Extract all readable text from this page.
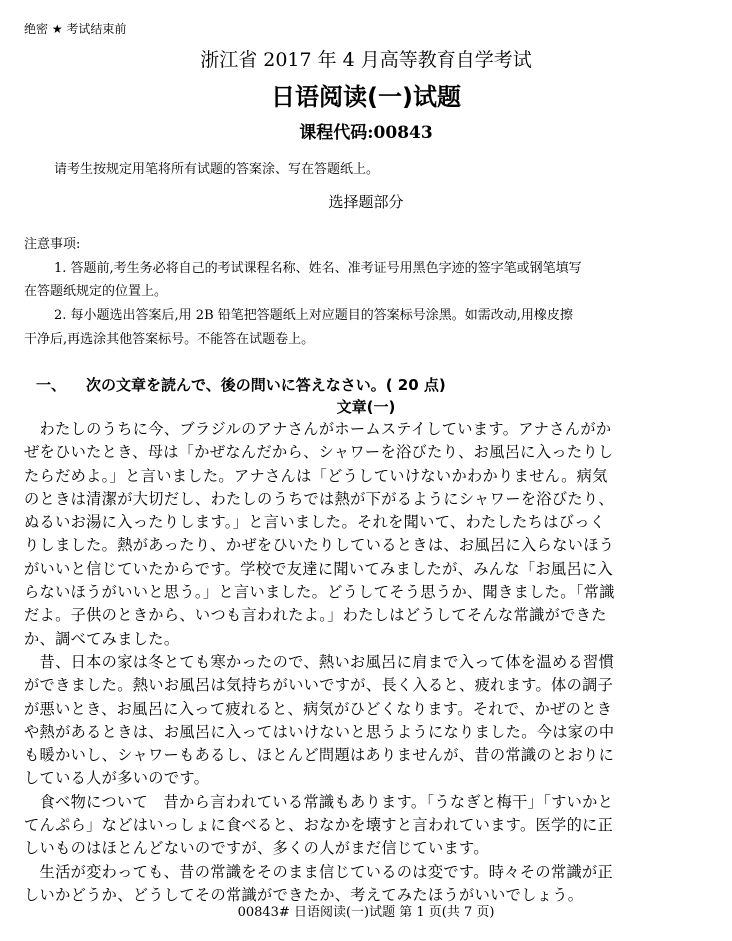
绝密 ★ 考试结束前
浙江省 2017 年 4 月高等教育自学考试
日语阅读(一)试题
课程代码:00843
请考生按规定用笔将所有试题的答案涂、写在答题纸上。
选择题部分
注意事项:
1. 答题前,考生务必将自己的考试课程名称、姓名、准考证号用黑色字迹的签字笔或钢笔填写
在答题纸规定的位置上。
2. 每小题选出答案后,用 2B 铅笔把答题纸上对应题目的答案标号涂黑。如需改动,用橡皮擦
干净后,再选涂其他答案标号。不能答在试题卷上。
一、 次の文章を読んで、後の問いに答えなさい。( 20 点)
文章(一)
　わたしのうちに今、ブラジルのアナさんがホームステイしています。アナさんがか
ぜをひいたとき、母は「かぜなんだから、シャワーを浴びたり、お風呂に入ったりし
たらだめよ。」と言いました。アナさんは「どうしていけないかわかりません。病気
のときは清潔が大切だし、わたしのうちでは熱が下がるようにシャワーを浴びたり、
ぬるいお湯に入ったりします。」と言いました。それを聞いて、わたしたちはびっく
りしました。熱があったり、かぜをひいたりしているときは、お風呂に入らないほう
がいいと信じていたからです。学校で友達に聞いてみましたが、みんな「お風呂に入
らないほうがいいと思う。」と言いました。どうしてそう思うか、聞きました。「常識
だよ。子供のときから、いつも言われたよ。」わたしはどうしてそんな常識ができた
か、調べてみました。
　昔、日本の家は冬とても寒かったので、熱いお風呂に肩まで入って体を温める習慣
ができました。熱いお風呂は気持ちがいいですが、長く入ると、疲れます。体の調子
が悪いとき、お風呂に入って疲れると、病気がひどくなります。それで、かぜのとき
や熱があるときは、お風呂に入ってはいけないと思うようになりました。今は家の中
も暖かいし、シャワーもあるし、ほとんど問題はありませんが、昔の常識のとおりに
している人が多いのです。
　食べ物について　昔から言われている常識もあります。「うなぎと梅干」「すいかと
てんぷら」などはいっしょに食べると、おなかを壊すと言われています。医学的に正
しいものはほとんどないのですが、多くの人がまだ信じています。
　生活が変わっても、昔の常識をそのまま信じているのは変です。時々その常識が正
しいかどうか、どうしてその常識ができたか、考えてみたほうがいいでしょう。
00843# 日语阅读(一)试题 第 1 页(共 7 页)
